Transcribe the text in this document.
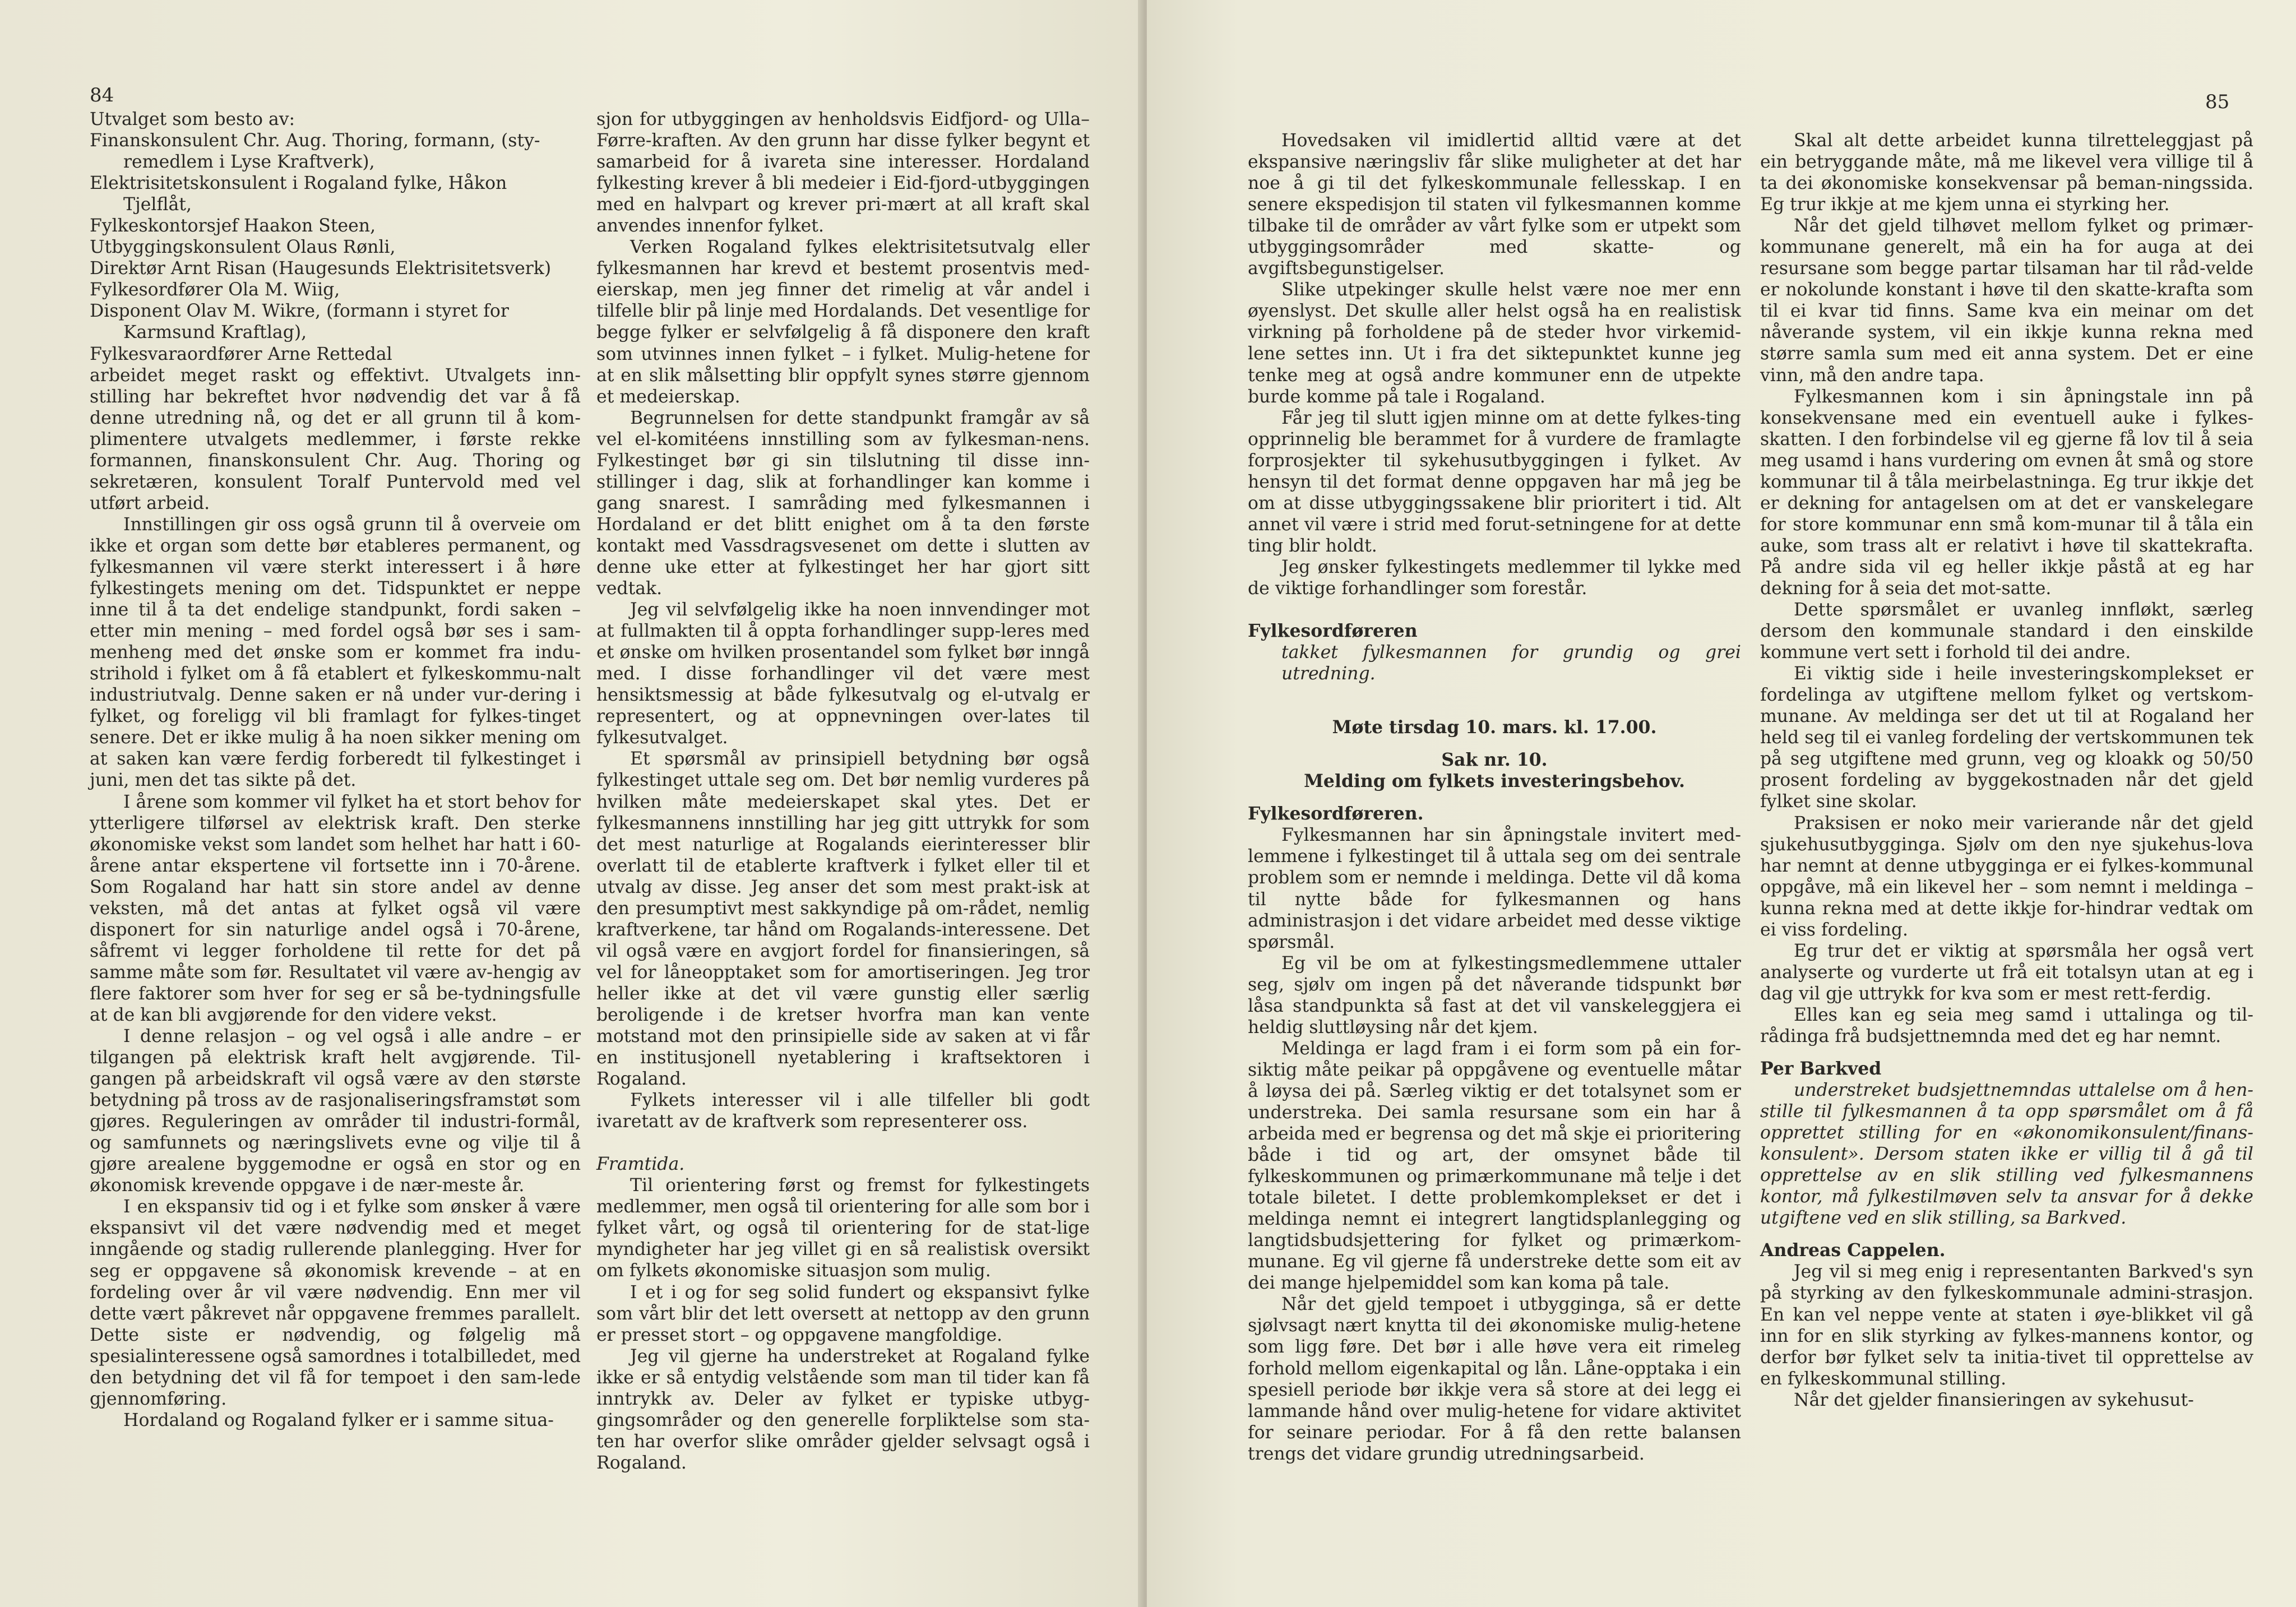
84

Utvalget som besto av:

Finanskonsulent Chr. Aug. Thoring, formann, (sty-

remedlem i Lyse Kraftverk),

Elektrisitetskonsulent i Rogaland fylke, Håkon

Tjelflåt,

Fylkeskontorsjef Haakon Steen,

Utbyggingskonsulent Olaus Rønli,

Direktør Arnt Risan (Haugesunds Elektrisitetsverk)

Fylkesordfører Ola M. Wiig,

Disponent Olav M. Wikre, (formann i styret for

Karmsund Kraftlag),

Fylkesvaraordfører Arne Rettedal

arbeidet meget raskt og effektivt. Utvalgets inn-stilling har bekreftet hvor nødvendig det var å få denne utredning nå, og det er all grunn til å kom-plimentere utvalgets medlemmer, i første rekke formannen, finanskonsulent Chr. Aug. Thoring og sekretæren, konsulent Toralf Puntervold med vel utført arbeid.

Innstillingen gir oss også grunn til å overveie om ikke et organ som dette bør etableres permanent, og fylkesmannen vil være sterkt interessert i å høre fylkestingets mening om det. Tidspunktet er neppe inne til å ta det endelige standpunkt, fordi saken – etter min mening – med fordel også bør ses i sam-menheng med det ønske som er kommet fra indu-strihold i fylket om å få etablert et fylkeskommu-nalt industriutvalg. Denne saken er nå under vur-dering i fylket, og foreligg vil bli framlagt for fylkes-tinget senere. Det er ikke mulig å ha noen sikker mening om at saken kan være ferdig forberedt til fylkestinget i juni, men det tas sikte på det.

I årene som kommer vil fylket ha et stort behov for ytterligere tilførsel av elektrisk kraft. Den sterke økonomiske vekst som landet som helhet har hatt i 60-årene antar ekspertene vil fortsette inn i 70-årene. Som Rogaland har hatt sin store andel av denne veksten, må det antas at fylket også vil være disponert for sin naturlige andel også i 70-årene, såfremt vi legger forholdene til rette for det på samme måte som før. Resultatet vil være av-hengig av flere faktorer som hver for seg er så be-tydningsfulle at de kan bli avgjørende for den videre vekst.

I denne relasjon – og vel også i alle andre – er tilgangen på elektrisk kraft helt avgjørende. Til-gangen på arbeidskraft vil også være av den største betydning på tross av de rasjonaliseringsframstøt som gjøres. Reguleringen av områder til industri-formål, og samfunnets og næringslivets evne og vilje til å gjøre arealene byggemodne er også en stor og en økonomisk krevende oppgave i de nær-meste år.

I en ekspansiv tid og i et fylke som ønsker å være ekspansivt vil det være nødvendig med et meget inngående og stadig rullerende planlegging. Hver for seg er oppgavene så økonomisk krevende – at en fordeling over år vil være nødvendig. Enn mer vil dette vært påkrevet når oppgavene fremmes parallelt. Dette siste er nødvendig, og følgelig må spesialinteressene også samordnes i totalbilledet, med den betydning det vil få for tempoet i den sam-lede gjennomføring.

Hordaland og Rogaland fylker er i samme situa-

sjon for utbyggingen av henholdsvis Eidfjord- og Ulla–Førre-kraften. Av den grunn har disse fylker begynt et samarbeid for å ivareta sine interesser. Hordaland fylkesting krever å bli medeier i Eid-fjord-utbyggingen med en halvpart og krever pri-mært at all kraft skal anvendes innenfor fylket.

Verken Rogaland fylkes elektrisitetsutvalg eller fylkesmannen har krevd et bestemt prosentvis med-eierskap, men jeg finner det rimelig at vår andel i tilfelle blir på linje med Hordalands. Det vesentlige for begge fylker er selvfølgelig å få disponere den kraft som utvinnes innen fylket – i fylket. Mulig-hetene for at en slik målsetting blir oppfylt synes større gjennom et medeierskap.

Begrunnelsen for dette standpunkt framgår av så vel el-komitéens innstilling som av fylkesman-nens. Fylkestinget bør gi sin tilslutning til disse inn-stillinger i dag, slik at forhandlinger kan komme i gang snarest. I samråding med fylkesmannen i Hordaland er det blitt enighet om å ta den første kontakt med Vassdragsvesenet om dette i slutten av denne uke etter at fylkestinget her har gjort sitt vedtak.

Jeg vil selvfølgelig ikke ha noen innvendinger mot at fullmakten til å oppta forhandlinger supp-leres med et ønske om hvilken prosentandel som fylket bør inngå med. I disse forhandlinger vil det være mest hensiktsmessig at både fylkesutvalg og el-utvalg er representert, og at oppnevningen over-lates til fylkesutvalget.

Et spørsmål av prinsipiell betydning bør også fylkestinget uttale seg om. Det bør nemlig vurderes på hvilken måte medeierskapet skal ytes. Det er fylkesmannens innstilling har jeg gitt uttrykk for som det mest naturlige at Rogalands eierinteresser blir overlatt til de etablerte kraftverk i fylket eller til et utvalg av disse. Jeg anser det som mest prakt-isk at den presumptivt mest sakkyndige på om-rådet, nemlig kraftverkene, tar hånd om Rogalands-interessene. Det vil også være en avgjort fordel for finansieringen, så vel for låneopptaket som for amortiseringen. Jeg tror heller ikke at det vil være gunstig eller særlig beroligende i de kretser hvorfra man kan vente motstand mot den prinsipielle side av saken at vi får en institusjonell nyetablering i kraftsektoren i Rogaland.

Fylkets interesser vil i alle tilfeller bli godt ivaretatt av de kraftverk som representerer oss.

Framtida.

Til orientering først og fremst for fylkestingets medlemmer, men også til orientering for alle som bor i fylket vårt, og også til orientering for de stat-lige myndigheter har jeg villet gi en så realistisk oversikt om fylkets økonomiske situasjon som mulig.

I et i og for seg solid fundert og ekspansivt fylke som vårt blir det lett oversett at nettopp av den grunn er presset stort – og oppgavene mangfoldige.

Jeg vil gjerne ha understreket at Rogaland fylke ikke er så entydig velstående som man til tider kan få inntrykk av. Deler av fylket er typiske utbyg-gingsområder og den generelle forpliktelse som sta-ten har overfor slike områder gjelder selvsagt også i Rogaland.

85

Hovedsaken vil imidlertid alltid være at det ekspansive næringsliv får slike muligheter at det har noe å gi til det fylkeskommunale fellesskap. I en senere ekspedisjon til staten vil fylkesmannen komme tilbake til de områder av vårt fylke som er utpekt som utbyggingsområder med skatte- og avgiftsbegunstigelser.

Slike utpekinger skulle helst være noe mer enn øyenslyst. Det skulle aller helst også ha en realistisk virkning på forholdene på de steder hvor virkemid-lene settes inn. Ut i fra det siktepunktet kunne jeg tenke meg at også andre kommuner enn de utpekte burde komme på tale i Rogaland.

Får jeg til slutt igjen minne om at dette fylkes-ting opprinnelig ble berammet for å vurdere de framlagte forprosjekter til sykehusutbyggingen i fylket. Av hensyn til det format denne oppgaven har må jeg be om at disse utbyggingssakene blir prioritert i tid. Alt annet vil være i strid med forut-setningene for at dette ting blir holdt.

Jeg ønsker fylkestingets medlemmer til lykke med de viktige forhandlinger som forestår.

Fylkesordføreren

takket fylkesmannen for grundig og grei utredning.

Møte tirsdag 10. mars. kl. 17.00.

Sak nr. 10.

Melding om fylkets investeringsbehov.

Fylkesordføreren.

Fylkesmannen har sin åpningstale invitert med-lemmene i fylkestinget til å uttala seg om dei sentrale problem som er nemnde i meldinga. Dette vil då koma til nytte både for fylkesmannen og hans administrasjon i det vidare arbeidet med desse viktige spørsmål.

Eg vil be om at fylkestingsmedlemmene uttaler seg, sjølv om ingen på det nåverande tidspunkt bør låsa standpunkta så fast at det vil vanskeleggjera ei heldig sluttløysing når det kjem.

Meldinga er lagd fram i ei form som på ein for-siktig måte peikar på oppgåvene og eventuelle måtar å løysa dei på. Særleg viktig er det totalsynet som er understreka. Dei samla resursane som ein har å arbeida med er begrensa og det må skje ei prioritering både i tid og art, der omsynet både til fylkeskommunen og primærkommunane må telje i det totale biletet. I dette problemkomplekset er det i meldinga nemnt ei integrert langtidsplanlegging og langtidsbudsjettering for fylket og primærkom-munane. Eg vil gjerne få understreke dette som eit av dei mange hjelpemiddel som kan koma på tale.

Når det gjeld tempoet i utbygginga, så er dette sjølvsagt nært knytta til dei økonomiske mulig-hetene som ligg føre. Det bør i alle høve vera eit rimeleg forhold mellom eigenkapital og lån. Låne-opptaka i ein spesiell periode bør ikkje vera så store at dei legg ei lammande hånd over mulig-hetene for vidare aktivitet for seinare periodar. For å få den rette balansen trengs det vidare grundig utredningsarbeid.

Skal alt dette arbeidet kunna tilretteleggjast på ein betryggande måte, må me likevel vera villige til å ta dei økonomiske konsekvensar på beman-ningssida. Eg trur ikkje at me kjem unna ei styrking her.

Når det gjeld tilhøvet mellom fylket og primær-kommunane generelt, må ein ha for auga at dei resursane som begge partar tilsaman har til råd-velde er nokolunde konstant i høve til den skatte-krafta som til ei kvar tid finns. Same kva ein meinar om det nåverande system, vil ein ikkje kunna rekna med større samla sum med eit anna system. Det er eine vinn, må den andre tapa.

Fylkesmannen kom i sin åpningstale inn på konsekvensane med ein eventuell auke i fylkes-skatten. I den forbindelse vil eg gjerne få lov til å seia meg usamd i hans vurdering om evnen åt små og store kommunar til å tåla meirbelastninga. Eg trur ikkje det er dekning for antagelsen om at det er vanskelegare for store kommunar enn små kom-munar til å tåla ein auke, som trass alt er relativt i høve til skattekrafta. På andre sida vil eg heller ikkje påstå at eg har dekning for å seia det mot-satte.

Dette spørsmålet er uvanleg innfløkt, særleg dersom den kommunale standard i den einskilde kommune vert sett i forhold til dei andre.

Ei viktig side i heile investeringskomplekset er fordelinga av utgiftene mellom fylket og vertskom-munane. Av meldinga ser det ut til at Rogaland her held seg til ei vanleg fordeling der vertskommunen tek på seg utgiftene med grunn, veg og kloakk og 50/50 prosent fordeling av byggekostnaden når det gjeld fylket sine skolar.

Praksisen er noko meir varierande når det gjeld sjukehusutbygginga. Sjølv om den nye sjukehus-lova har nemnt at denne utbygginga er ei fylkes-kommunal oppgåve, må ein likevel her – som nemnt i meldinga – kunna rekna med at dette ikkje for-hindrar vedtak om ei viss fordeling.

Eg trur det er viktig at spørsmåla her også vert analyserte og vurderte ut frå eit totalsyn utan at eg i dag vil gje uttrykk for kva som er mest rett-ferdig.

Elles kan eg seia meg samd i uttalinga og til-rådinga frå budsjettnemnda med det eg har nemnt.

Per Barkved

understreket budsjettnemndas uttalelse om å hen-stille til fylkesmannen å ta opp spørsmålet om å få opprettet stilling for en «økonomikonsulent/finans-konsulent». Dersom staten ikke er villig til å gå til opprettelse av en slik stilling ved fylkesmannens kontor, må fylkestilmøven selv ta ansvar for å dekke utgiftene ved en slik stilling, sa Barkved.

Andreas Cappelen.

Jeg vil si meg enig i representanten Barkved's syn på styrking av den fylkeskommunale admini-strasjon. En kan vel neppe vente at staten i øye-blikket vil gå inn for en slik styrking av fylkes-mannens kontor, og derfor bør fylket selv ta initia-tivet til opprettelse av en fylkeskommunal stilling.

Når det gjelder finansieringen av sykehusut-
